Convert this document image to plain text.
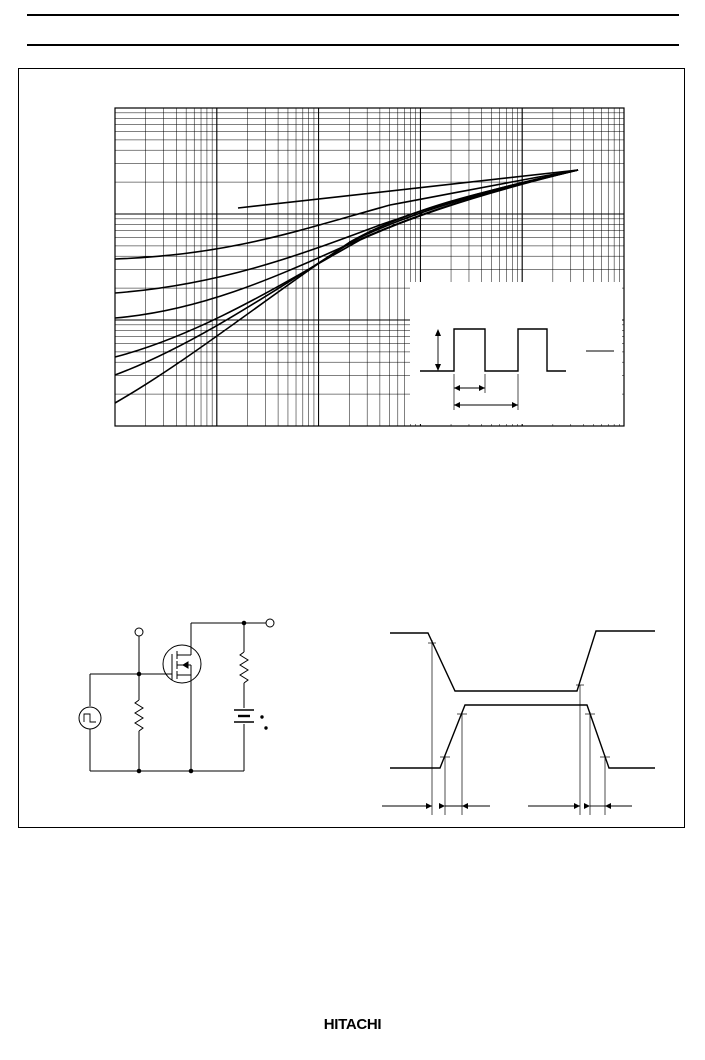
HITACHI
